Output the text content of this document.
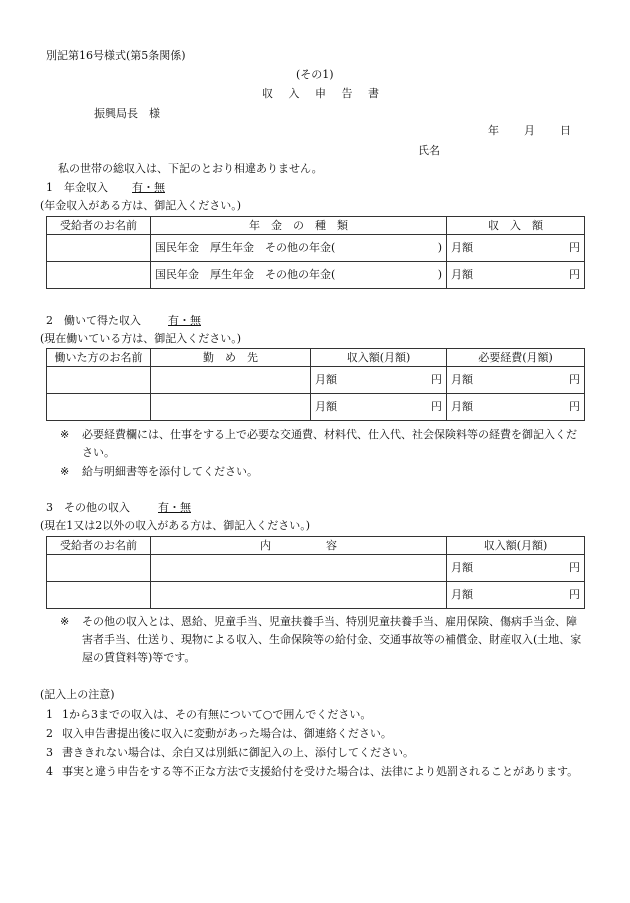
別記第16号様式(第5条関係)
(その1)
収 入 申 告 書
振興局長　様
年 月 日
氏名
私の世帯の総収入は、下記のとおり相違ありません。
1　年金収入 有・無
(年金収入がある方は、御記入ください。)
受給者のお名前	年　金　の　種　類	収　入　額

	国民年金　厚生年金　その他の年金( )	月額 円

	国民年金　厚生年金　その他の年金( )	月額 円
2　働いて得た収入 有・無
(現在働いている方は、御記入ください。)
働いた方のお名前	勤　め　先	収入額(月額)	必要経費(月額)

		月額 円	月額 円

		月額 円	月額 円
※	必要経費欄には、仕事をする上で必要な交通費、材料代、仕入代、社会保険料等の経費を御記入ください。
※	給与明細書等を添付してください。
3　その他の収入	有・無
(現在1又は2以外の収入がある方は、御記入ください。)
受給者のお名前	内　　　　　容	収入額(月額)

		月額 円

		月額 円
※	その他の収入とは、恩給、児童手当、児童扶養手当、特別児童扶養手当、雇用保険、傷病手当金、障害者手当、仕送り、現物による収入、生命保険等の給付金、交通事故等の補償金、財産収入(土地、家屋の賃貸料等)等です。
(記入上の注意)
1 1から3までの収入は、その有無について○で囲んでください。
2 収入申告書提出後に収入に変動があった場合は、御連絡ください。
3 書ききれない場合は、余白又は別紙に御記入の上、添付してください。
4 事実と違う申告をする等不正な方法で支援給付を受けた場合は、法律により処罰されることがあります。
